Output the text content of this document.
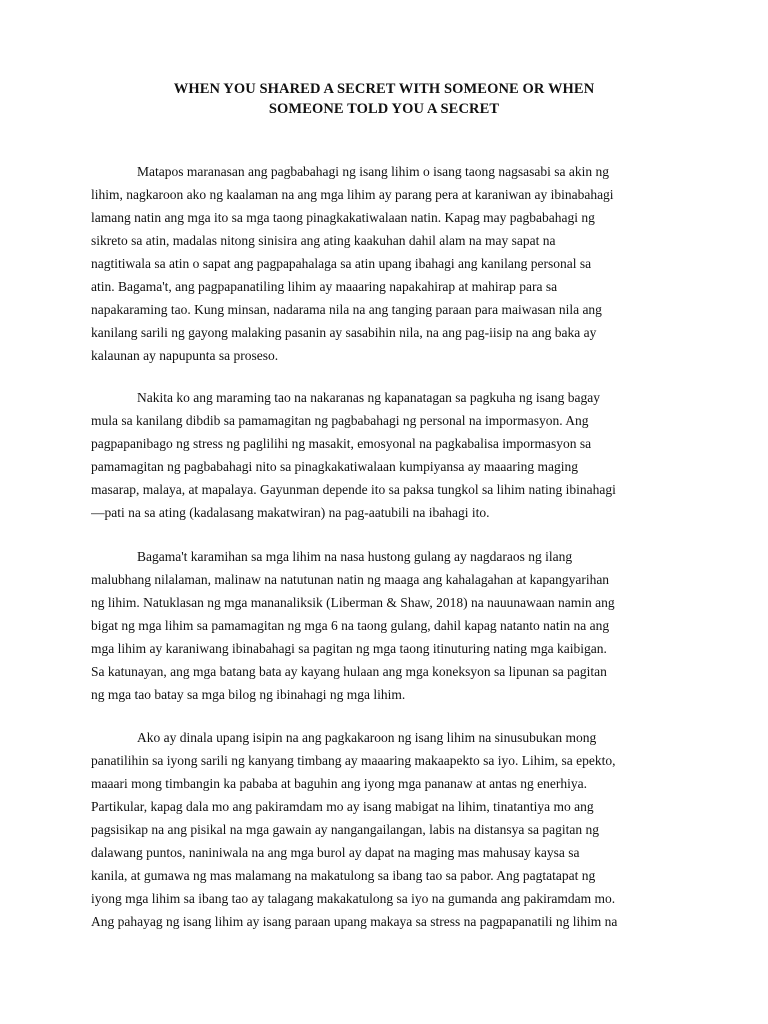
WHEN YOU SHARED A SECRET WITH SOMEONE OR WHEN
SOMEONE TOLD YOU A SECRET
Matapos maranasan ang pagbabahagi ng isang lihim o isang taong nagsasabi sa akin ng
lihim, nagkaroon ako ng kaalaman na ang mga lihim ay parang pera at karaniwan ay ibinabahagi
lamang natin ang mga ito sa mga taong pinagkakatiwalaan natin. Kapag may pagbabahagi ng
sikreto sa atin, madalas nitong sinisira ang ating kaakuhan dahil alam na may sapat na
nagtitiwala sa atin o sapat ang pagpapahalaga sa atin upang ibahagi ang kanilang personal sa
atin. Bagama't, ang pagpapanatiling lihim ay maaaring napakahirap at mahirap para sa
napakaraming tao. Kung minsan, nadarama nila na ang tanging paraan para maiwasan nila ang
kanilang sarili ng gayong malaking pasanin ay sasabihin nila, na ang pag-iisip na ang baka ay
kalaunan ay napupunta sa proseso.
Nakita ko ang maraming tao na nakaranas ng kapanatagan sa pagkuha ng isang bagay
mula sa kanilang dibdib sa pamamagitan ng pagbabahagi ng personal na impormasyon. Ang
pagpapanibago ng stress ng paglilihi ng masakit, emosyonal na pagkabalisa impormasyon sa
pamamagitan ng pagbabahagi nito sa pinagkakatiwalaan kumpiyansa ay maaaring maging
masarap, malaya, at mapalaya. Gayunman depende ito sa paksa tungkol sa lihim nating ibinahagi
—pati na sa ating (kadalasang makatwiran) na pag-aatubili na ibahagi ito.
Bagama't karamihan sa mga lihim na nasa hustong gulang ay nagdaraos ng ilang
malubhang nilalaman, malinaw na natutunan natin ng maaga ang kahalagahan at kapangyarihan
ng lihim. Natuklasan ng mga mananaliksik (Liberman & Shaw, 2018) na nauunawaan namin ang
bigat ng mga lihim sa pamamagitan ng mga 6 na taong gulang, dahil kapag natanto natin na ang
mga lihim ay karaniwang ibinabahagi sa pagitan ng mga taong itinuturing nating mga kaibigan.
Sa katunayan, ang mga batang bata ay kayang hulaan ang mga koneksyon sa lipunan sa pagitan
ng mga tao batay sa mga bilog ng ibinahagi ng mga lihim.
Ako ay dinala upang isipin na ang pagkakaroon ng isang lihim na sinusubukan mong
panatilihin sa iyong sarili ng kanyang timbang ay maaaring makaapekto sa iyo. Lihim, sa epekto,
maaari mong timbangin ka pababa at baguhin ang iyong mga pananaw at antas ng enerhiya.
Partikular, kapag dala mo ang pakiramdam mo ay isang mabigat na lihim, tinatantiya mo ang
pagsisikap na ang pisikal na mga gawain ay nangangailangan, labis na distansya sa pagitan ng
dalawang puntos, naniniwala na ang mga burol ay dapat na maging mas mahusay kaysa sa
kanila, at gumawa ng mas malamang na makatulong sa ibang tao sa pabor. Ang pagtatapat ng
iyong mga lihim sa ibang tao ay talagang makakatulong sa iyo na gumanda ang pakiramdam mo.
Ang pahayag ng isang lihim ay isang paraan upang makaya sa stress na pagpapanatili ng lihim na
